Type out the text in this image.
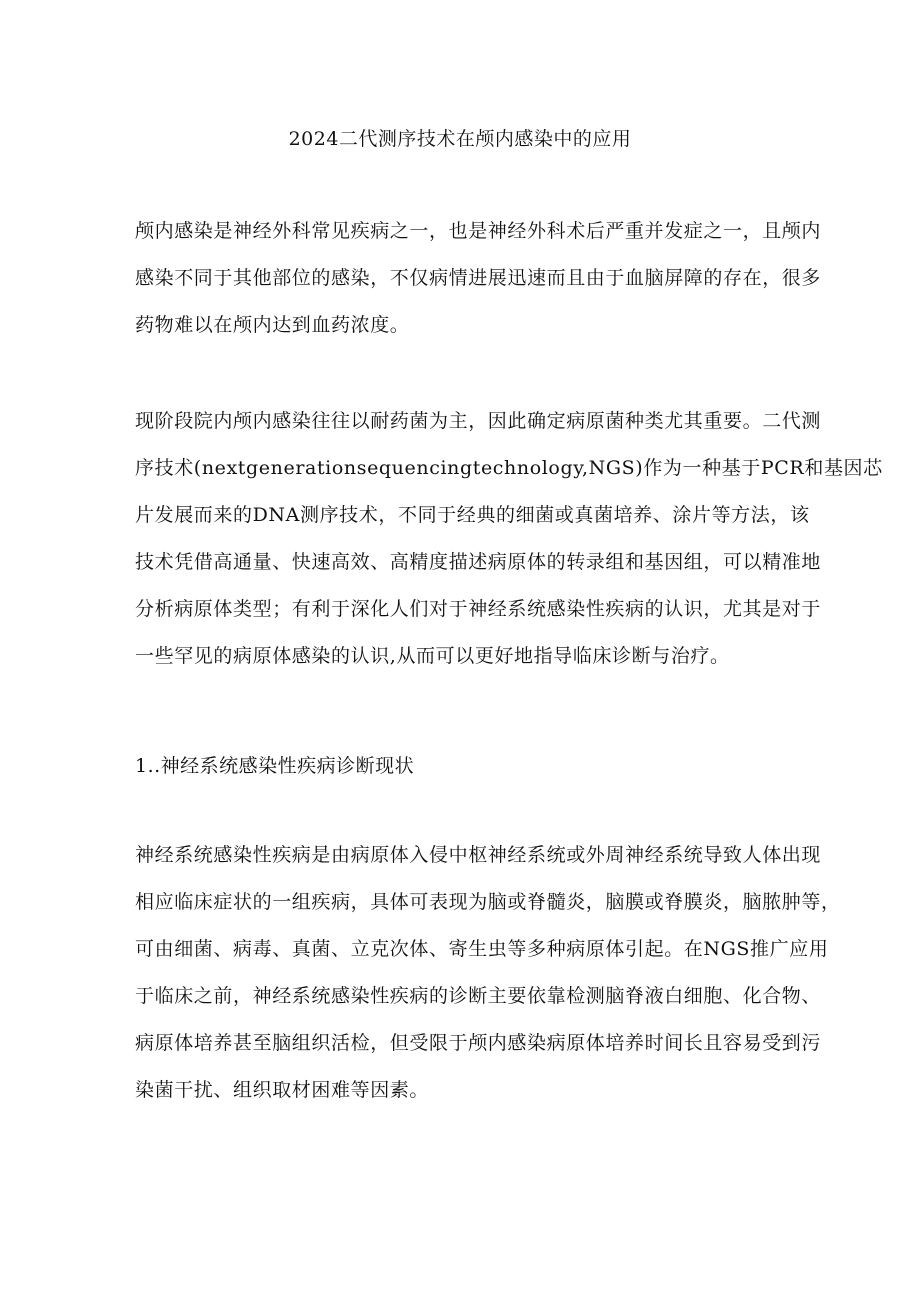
2024二代测序技术在颅内感染中的应用

颅内感染是神经外科常见疾病之一，也是神经外科术后严重并发症之一，且颅内
感染不同于其他部位的感染，不仅病情进展迅速而且由于血脑屏障的存在，很多
药物难以在颅内达到血药浓度。

现阶段院内颅内感染往往以耐药菌为主，因此确定病原菌种类尤其重要。二代测
序技术(nextgenerationsequencingtechnology,NGS)作为一种基于PCR和基因芯
片发展而来的DNA测序技术，不同于经典的细菌或真菌培养、涂片等方法，该
技术凭借高通量、快速高效、高精度描述病原体的转录组和基因组，可以精准地
分析病原体类型；有利于深化人们对于神经系统感染性疾病的认识，尤其是对于
一些罕见的病原体感染的认识,从而可以更好地指导临床诊断与治疗。

1..神经系统感染性疾病诊断现状

神经系统感染性疾病是由病原体入侵中枢神经系统或外周神经系统导致人体出现
相应临床症状的一组疾病，具体可表现为脑或脊髓炎，脑膜或脊膜炎，脑脓肿等，
可由细菌、病毒、真菌、立克次体、寄生虫等多种病原体引起。在NGS推广应用
于临床之前，神经系统感染性疾病的诊断主要依靠检测脑脊液白细胞、化合物、
病原体培养甚至脑组织活检，但受限于颅内感染病原体培养时间长且容易受到污
染菌干扰、组织取材困难等因素。
